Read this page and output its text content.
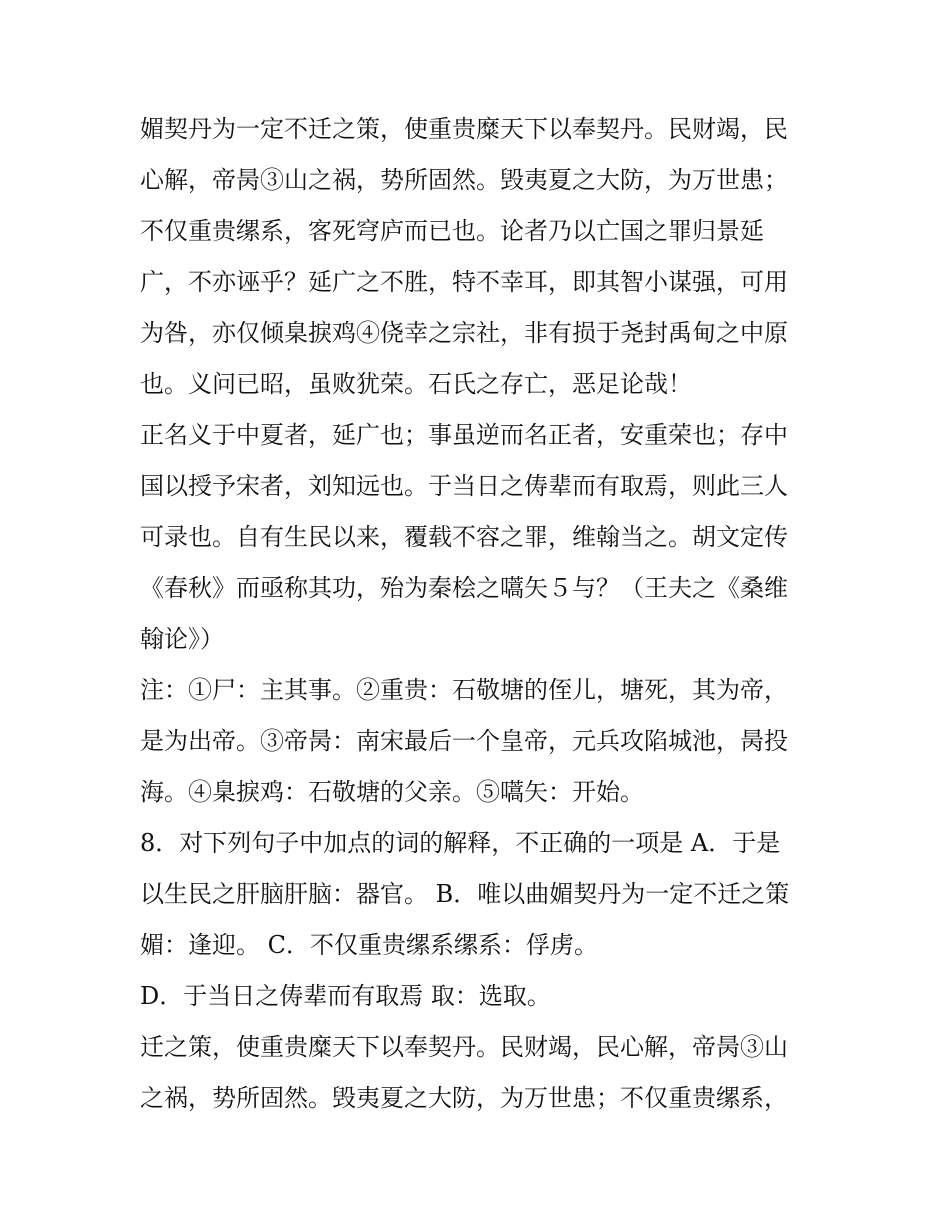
媚契丹为一定不迁之策，使重贵糜天下以奉契丹。民财竭，民
心解，帝昺③山之祸，势所固然。毁夷夏之大防，为万世患；
不仅重贵缧系，客死穹庐而已也。论者乃以亡国之罪归景延
广，不亦诬乎？延广之不胜，特不幸耳，即其智小谋强，可用
为咎，亦仅倾臬捩鸡④侥幸之宗社，非有损于尧封禹甸之中原
也。义问已昭，虽败犹荣。石氏之存亡，恶足论哉！
正名义于中夏者，延广也；事虽逆而名正者，安重荣也；存中
国以授予宋者，刘知远也。于当日之俦辈而有取焉，则此三人
可录也。自有生民以来，覆载不容之罪，维翰当之。胡文定传
《春秋》而亟称其功，殆为秦桧之嚆矢５与？（王夫之《桑维
翰论》）
注：①尸：主其事。②重贵：石敬塘的侄儿，塘死，其为帝，
是为出帝。③帝昺：南宋最后一个皇帝，元兵攻陷城池，昺投
海。④臬捩鸡：石敬塘的父亲。⑤嚆矢：开始。
8．对下列句子中加点的词的解释，不正确的一项是 A．于是
以生民之肝脑肝脑：器官。 B．唯以曲媚契丹为一定不迁之策
媚：逢迎。 C．不仅重贵缧系缧系：俘虏。
D．于当日之俦辈而有取焉 取：选取。
迁之策，使重贵糜天下以奉契丹。民财竭，民心解，帝昺③山
之祸，势所固然。毁夷夏之大防，为万世患；不仅重贵缧系，
